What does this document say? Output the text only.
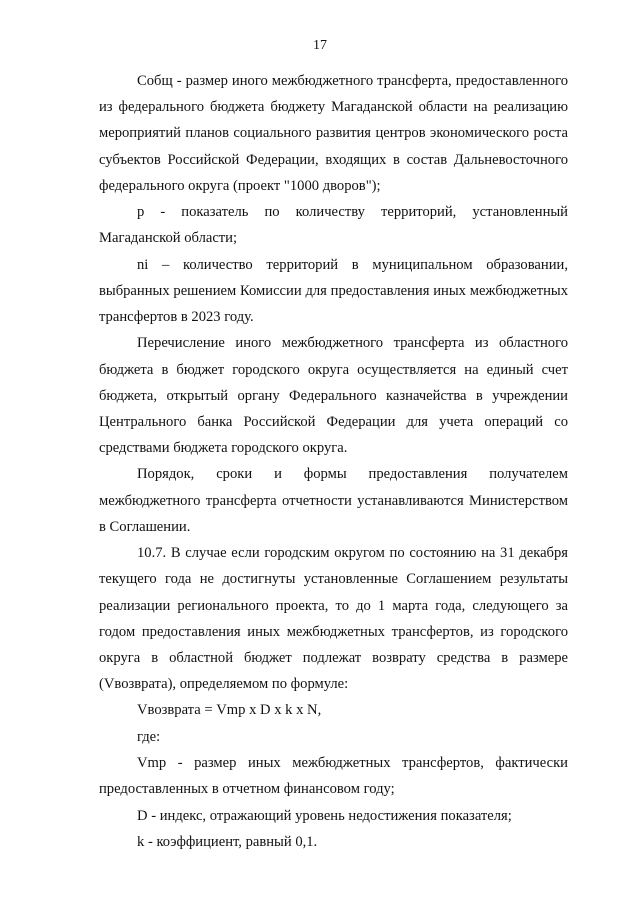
17

Собщ - размер иного межбюджетного трансферта, предоставленного из федерального бюджета бюджету Магаданской области на реализацию мероприятий планов социального развития центров экономического роста субъектов Российской Федерации, входящих в состав Дальневосточного федерального округа (проект "1000 дворов");

p - показатель по количеству территорий, установленный Магаданской области;

ni – количество территорий в муниципальном образовании, выбранных решением Комиссии для предоставления иных межбюджетных трансфертов в 2023 году.

Перечисление иного межбюджетного трансферта из областного бюджета в бюджет городского округа осуществляется на единый счет бюджета, открытый органу Федерального казначейства в учреждении Центрального банка Российской Федерации для учета операций со средствами бюджета городского округа.

Порядок, сроки и формы предоставления получателем межбюджетного трансферта отчетности устанавливаются Министерством в Соглашении.

10.7. В случае если городским округом по состоянию на 31 декабря текущего года не достигнуты установленные Соглашением результаты реализации регионального проекта, то до 1 марта года, следующего за годом предоставления иных межбюджетных трансфертов, из городского округа в областной бюджет подлежат возврату средства в размере (Vвозврата), определяемом по формуле:

Vвозврата = Vmp x D x k x N,

где:

Vmp - размер иных межбюджетных трансфертов, фактически предоставленных в отчетном финансовом году;

D - индекс, отражающий уровень недостижения показателя;

k - коэффициент, равный 0,1.
